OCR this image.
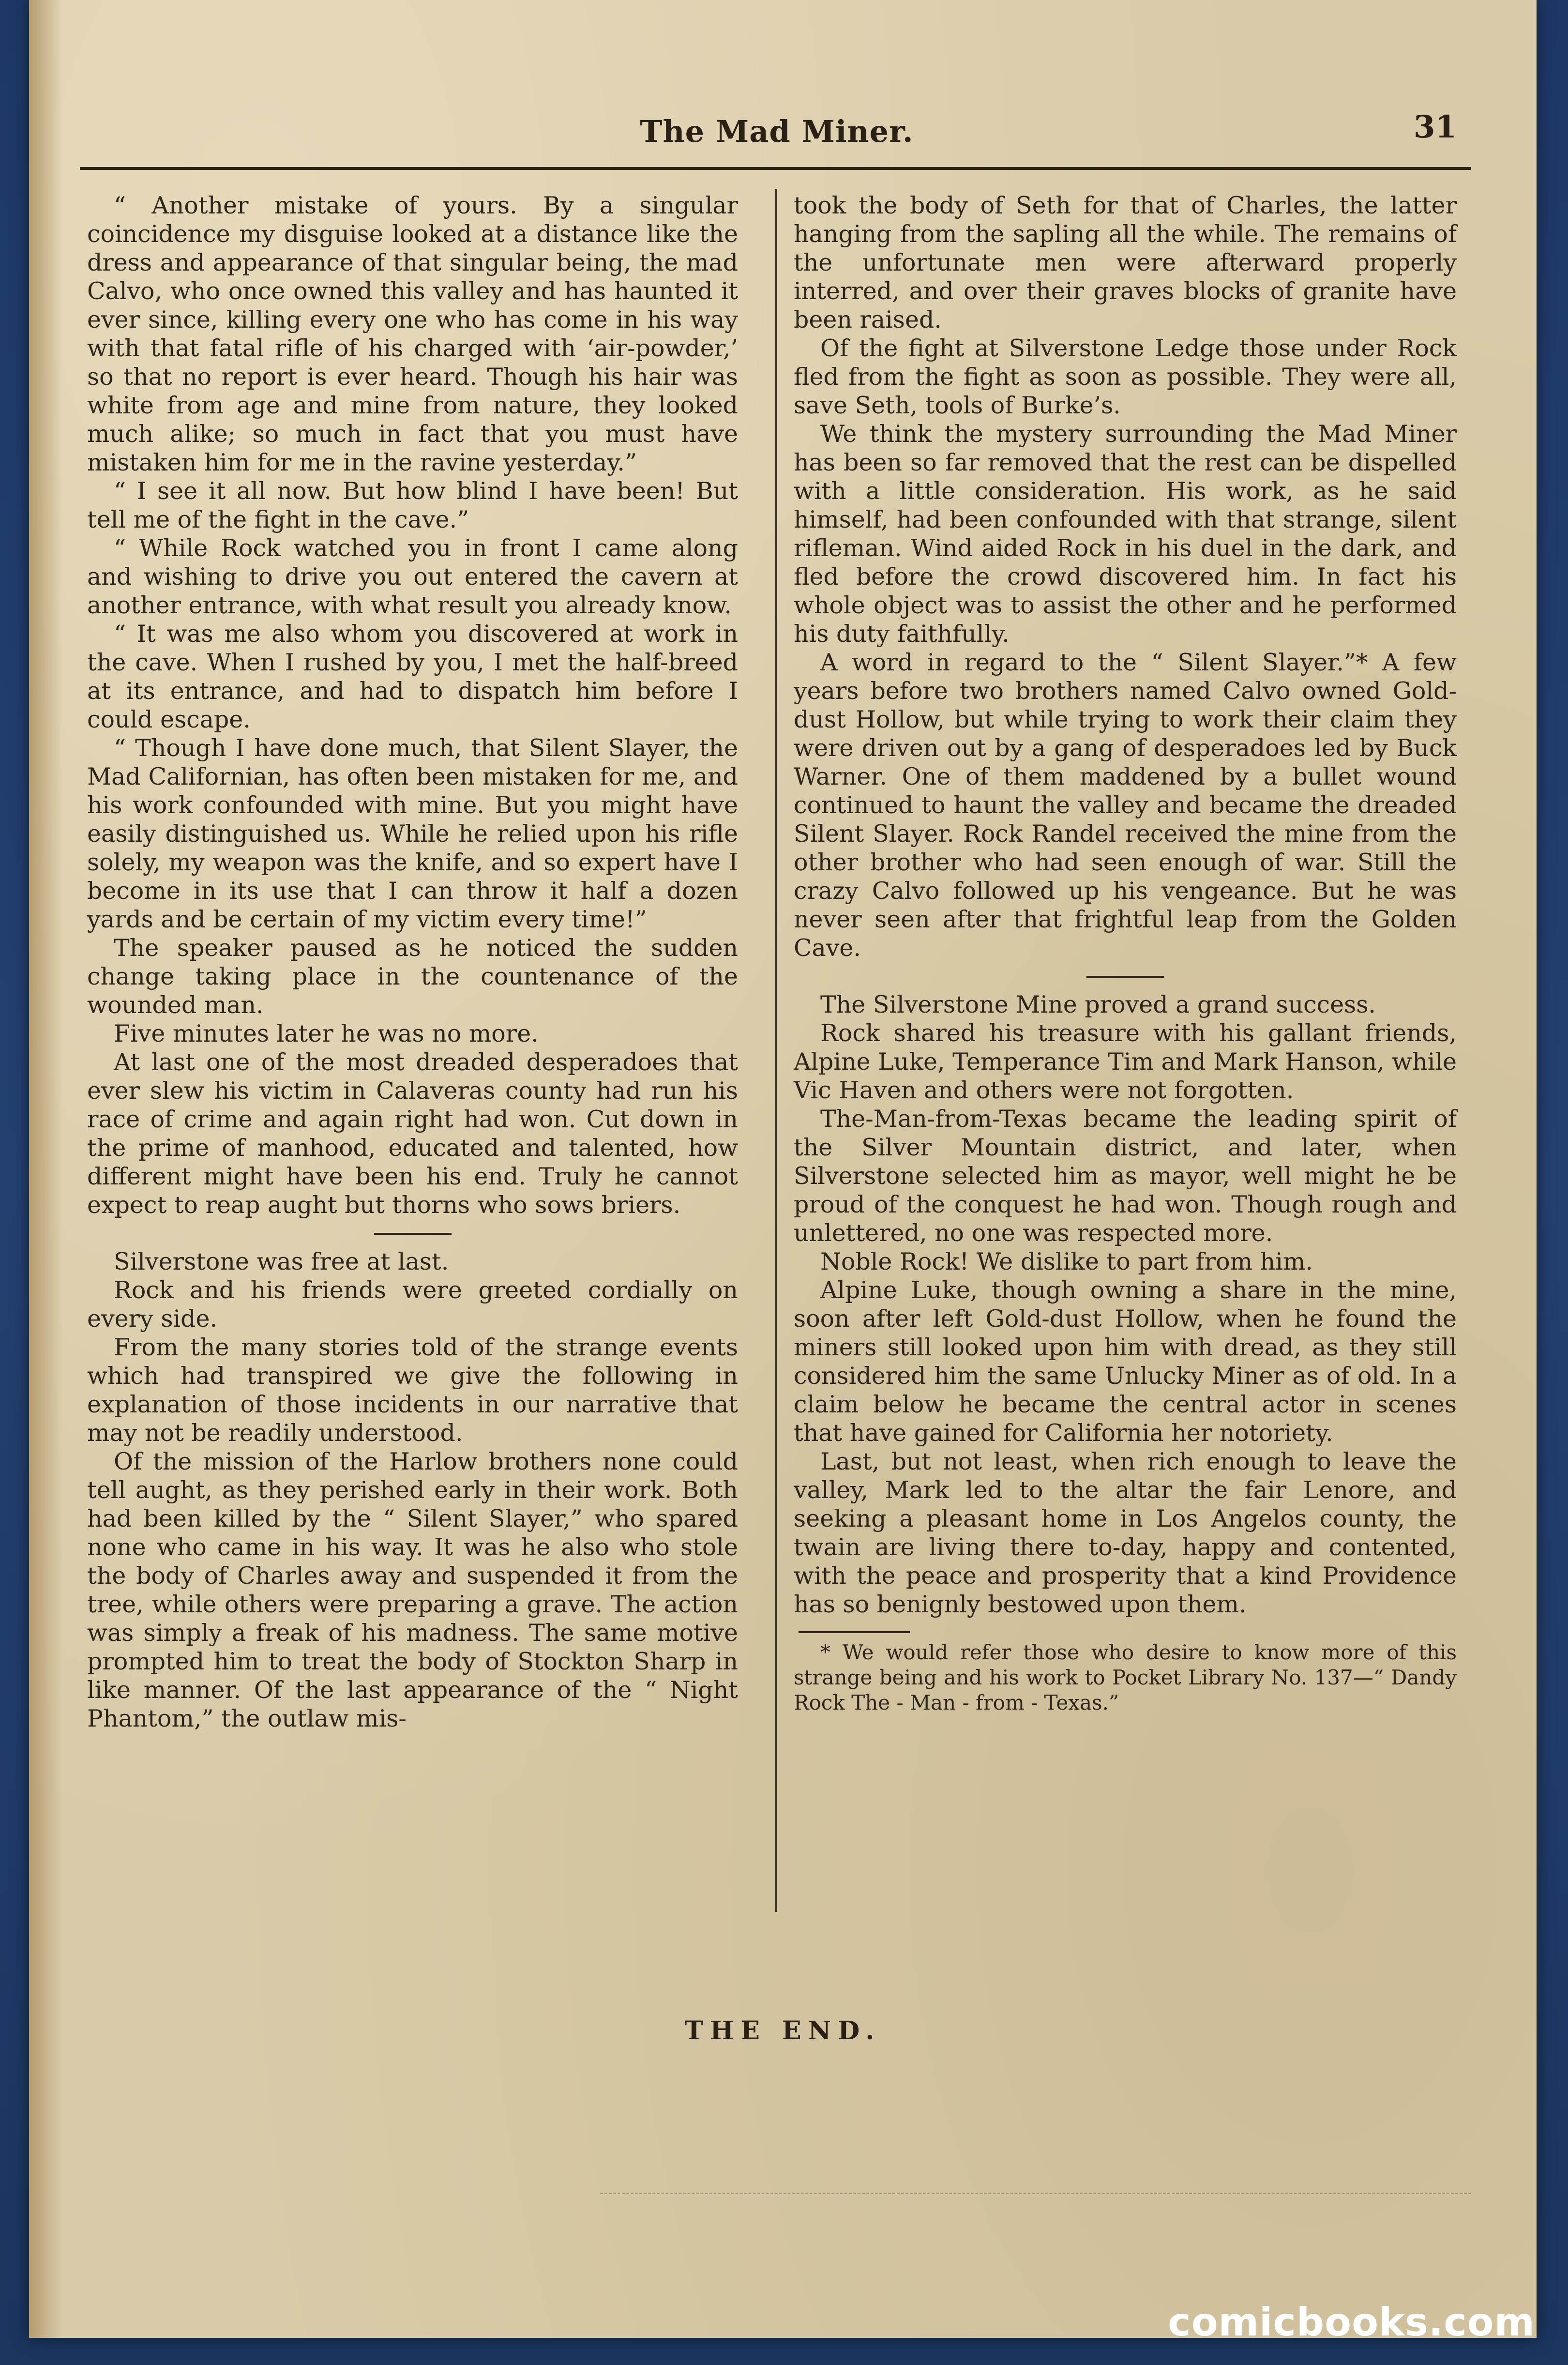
The Mad Miner.	31

“ Another mistake of yours. By a singular coincidence my disguise looked at a distance like the dress and appearance of that singular being, the mad Calvo, who once owned this valley and has haunted it ever since, killing every one who has come in his way with that fatal rifle of his charged with ‘air-powder,’ so that no report is ever heard. Though his hair was white from age and mine from nature, they looked much alike; so much in fact that you must have mistaken him for me in the ravine yesterday.”

“ I see it all now. But how blind I have been! But tell me of the fight in the cave.”

“ While Rock watched you in front I came along and wishing to drive you out entered the cavern at another entrance, with what result you already know.

“ It was me also whom you discovered at work in the cave. When I rushed by you, I met the half-breed at its entrance, and had to dispatch him before I could escape.

“ Though I have done much, that Silent Slayer, the Mad Californian, has often been mistaken for me, and his work confounded with mine. But you might have easily distinguished us. While he relied upon his rifle solely, my weapon was the knife, and so expert have I become in its use that I can throw it half a dozen yards and be certain of my victim every time!”

The speaker paused as he noticed the sudden change taking place in the countenance of the wounded man.

Five minutes later he was no more.

At last one of the most dreaded desperadoes that ever slew his victim in Calaveras county had run his race of crime and again right had won. Cut down in the prime of manhood, educated and talented, how different might have been his end. Truly he cannot expect to reap aught but thorns who sows briers.

Silverstone was free at last.

Rock and his friends were greeted cordially on every side.

From the many stories told of the strange events which had transpired we give the following in explanation of those incidents in our narrative that may not be readily understood.

Of the mission of the Harlow brothers none could tell aught, as they perished early in their work. Both had been killed by the “ Silent Slayer,” who spared none who came in his way. It was he also who stole the body of Charles away and suspended it from the tree, while others were preparing a grave. The action was simply a freak of his madness. The same motive prompted him to treat the body of Stockton Sharp in like manner. Of the last appearance of the “ Night Phantom,” the outlaw mis-

took the body of Seth for that of Charles, the latter hanging from the sapling all the while. The remains of the unfortunate men were afterward properly interred, and over their graves blocks of granite have been raised.

Of the fight at Silverstone Ledge those under Rock fled from the fight as soon as possible. They were all, save Seth, tools of Burke’s.

We think the mystery surrounding the Mad Miner has been so far removed that the rest can be dispelled with a little consideration. His work, as he said himself, had been confounded with that strange, silent rifleman. Wind aided Rock in his duel in the dark, and fled before the crowd discovered him. In fact his whole object was to assist the other and he performed his duty faithfully.

A word in regard to the “ Silent Slayer.”* A few years before two brothers named Calvo owned Gold-dust Hollow, but while trying to work their claim they were driven out by a gang of desperadoes led by Buck Warner. One of them maddened by a bullet wound continued to haunt the valley and became the dreaded Silent Slayer. Rock Randel received the mine from the other brother who had seen enough of war. Still the crazy Calvo followed up his vengeance. But he was never seen after that frightful leap from the Golden Cave.

The Silverstone Mine proved a grand success.

Rock shared his treasure with his gallant friends, Alpine Luke, Temperance Tim and Mark Hanson, while Vic Haven and others were not forgotten.

The-Man-from-Texas became the leading spirit of the Silver Mountain district, and later, when Silverstone selected him as mayor, well might he be proud of the conquest he had won. Though rough and unlettered, no one was respected more.

Noble Rock! We dislike to part from him.

Alpine Luke, though owning a share in the mine, soon after left Gold-dust Hollow, when he found the miners still looked upon him with dread, as they still considered him the same Unlucky Miner as of old. In a claim below he became the central actor in scenes that have gained for California her notoriety.

Last, but not least, when rich enough to leave the valley, Mark led to the altar the fair Lenore, and seeking a pleasant home in Los Angelos county, the twain are living there to-day, happy and contented, with the peace and prosperity that a kind Providence has so benignly bestowed upon them.

* We would refer those who desire to know more of this strange being and his work to Pocket Library No. 137—“ Dandy Rock The - Man - from - Texas.”

THE END.
comicbooks.com
